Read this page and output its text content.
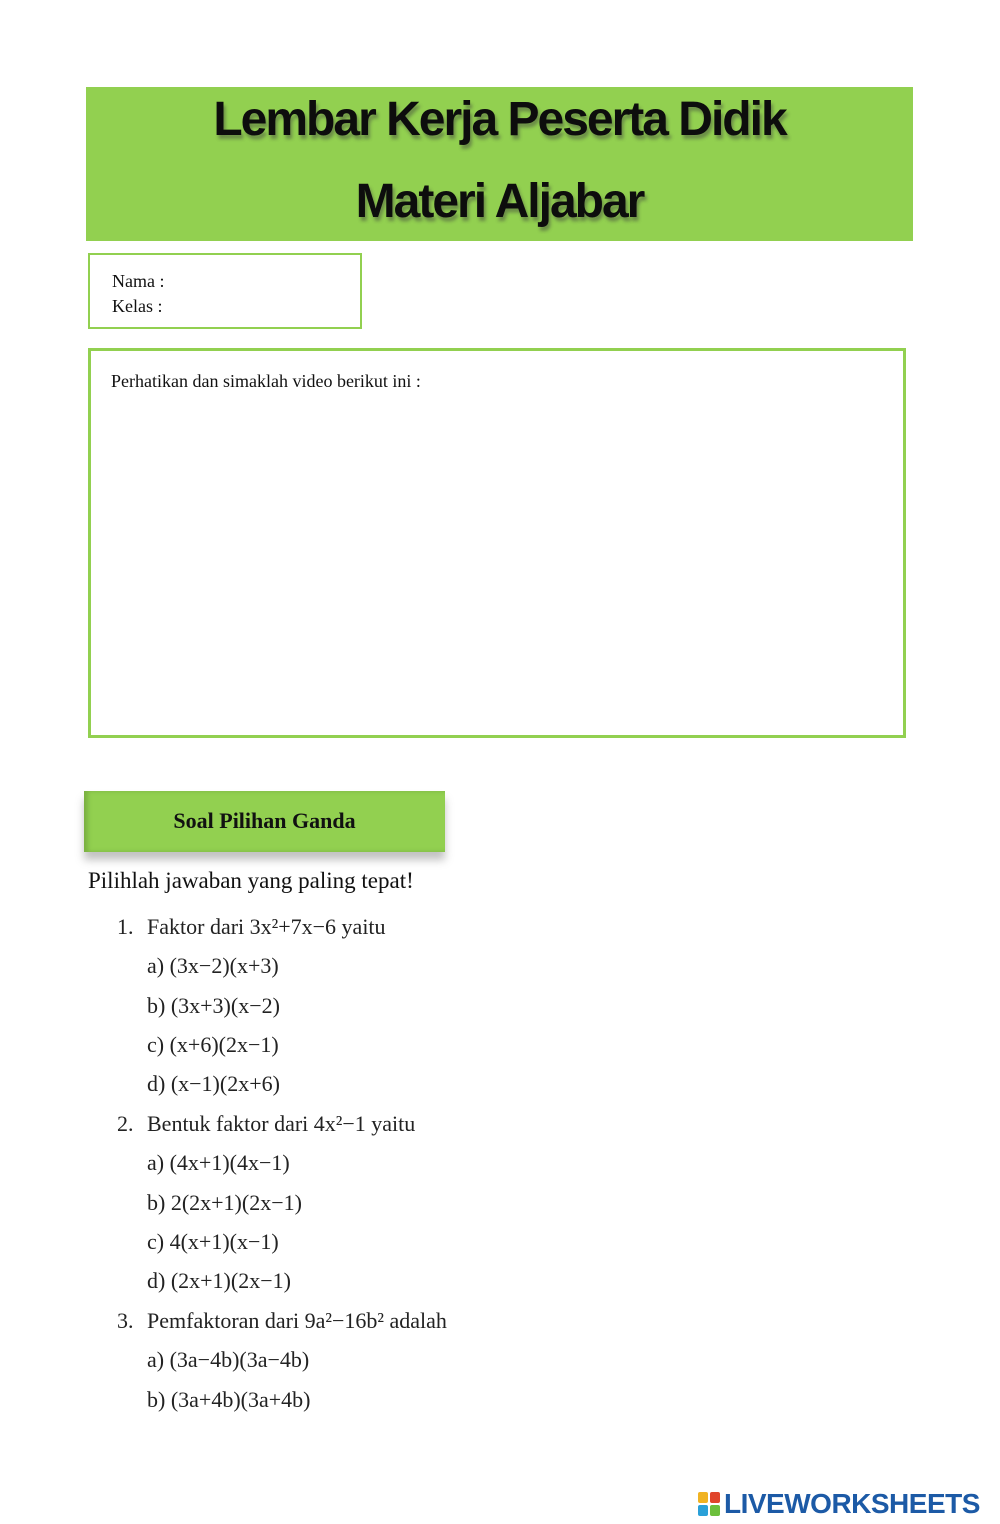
Lembar Kerja Peserta Didik
Materi Aljabar
Nama :
Kelas :
Perhatikan dan simaklah video berikut ini :
Soal Pilihan Ganda
Pilihlah jawaban yang paling tepat!
1. Faktor dari 3x²+7x−6 yaitu
a) (3x−2)(x+3)
b) (3x+3)(x−2)
c) (x+6)(2x−1)
d) (x−1)(2x+6)
2. Bentuk faktor dari 4x²−1 yaitu
a) (4x+1)(4x−1)
b) 2(2x+1)(2x−1)
c) 4(x+1)(x−1)
d) (2x+1)(2x−1)
3. Pemfaktoran dari 9a²−16b² adalah
a) (3a−4b)(3a−4b)
b) (3a+4b)(3a+4b)
LIVEWORKSHEETS
